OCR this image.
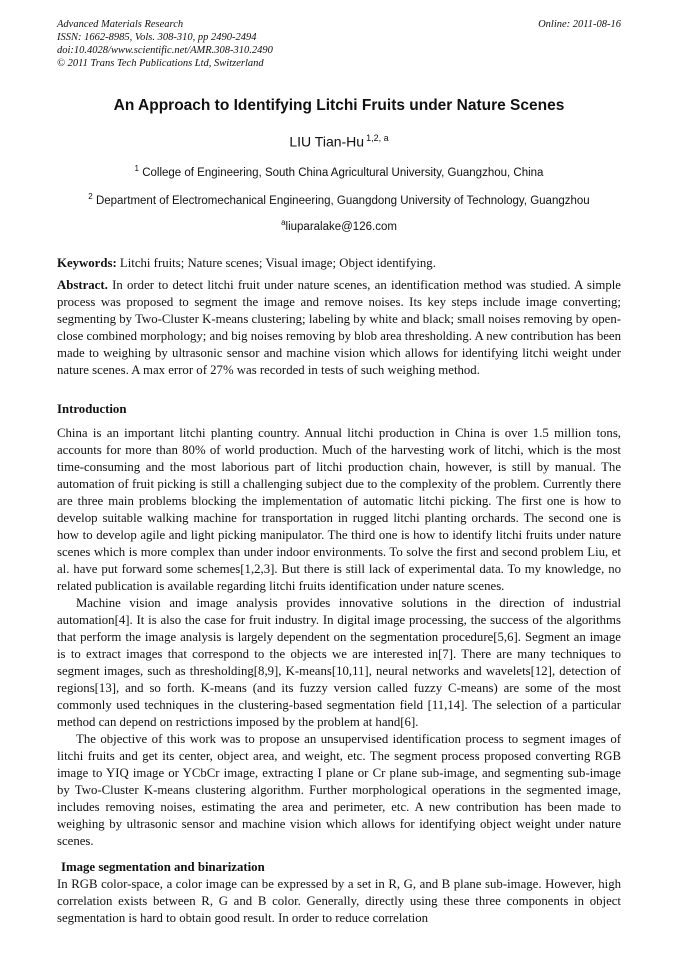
Advanced Materials Research
ISSN: 1662-8985, Vols. 308-310, pp 2490-2494
doi:10.4028/www.scientific.net/AMR.308-310.2490
© 2011 Trans Tech Publications Ltd, Switzerland
Online: 2011-08-16
An Approach to Identifying Litchi Fruits under Nature Scenes
LIU Tian-Hu $^{1,2, a}$
$^1$ College of Engineering, South China Agricultural University, Guangzhou, China
$^2$ Department of Electromechanical Engineering, Guangdong University of Technology, Guangzhou
$^a$liuparalake@126.com
Keywords: Litchi fruits; Nature scenes; Visual image; Object identifying.

Abstract. In order to detect litchi fruit under nature scenes, an identification method was studied. A simple process was proposed to segment the image and remove noises. Its key steps include image converting; segmenting by Two-Cluster K-means clustering; labeling by white and black; small noises removing by open-close combined morphology; and big noises removing by blob area thresholding. A new contribution has been made to weighing by ultrasonic sensor and machine vision which allows for identifying litchi weight under nature scenes. A max error of 27% was recorded in tests of such weighing method.

Introduction

China is an important litchi planting country. Annual litchi production in China is over 1.5 million tons, accounts for more than 80% of world production. Much of the harvesting work of litchi, which is the most time-consuming and the most laborious part of litchi production chain, however, is still by manual. The automation of fruit picking is still a challenging subject due to the complexity of the problem. Currently there are three main problems blocking the implementation of automatic litchi picking. The first one is how to develop suitable walking machine for transportation in rugged litchi planting orchards. The second one is how to develop agile and light picking manipulator. The third one is how to identify litchi fruits under nature scenes which is more complex than under indoor environments. To solve the first and second problem Liu, et al. have put forward some schemes[1,2,3]. But there is still lack of experimental data. To my knowledge, no related publication is available regarding litchi fruits identification under nature scenes.

Machine vision and image analysis provides innovative solutions in the direction of industrial automation[4]. It is also the case for fruit industry. In digital image processing, the success of the algorithms that perform the image analysis is largely dependent on the segmentation procedure[5,6]. Segment an image is to extract images that correspond to the objects we are interested in[7]. There are many techniques to segment images, such as thresholding[8,9], K-means[10,11], neural networks and wavelets[12], detection of regions[13], and so forth. K-means (and its fuzzy version called fuzzy C-means) are some of the most commonly used techniques in the clustering-based segmentation field [11,14]. The selection of a particular method can depend on restrictions imposed by the problem at hand[6].

The objective of this work was to propose an unsupervised identification process to segment images of litchi fruits and get its center, object area, and weight, etc. The segment process proposed converting RGB image to YIQ image or YCbCr image, extracting I plane or Cr plane sub-image, and segmenting sub-image by Two-Cluster K-means clustering algorithm. Further morphological operations in the segmented image, includes removing noises, estimating the area and perimeter, etc. A new contribution has been made to weighing by ultrasonic sensor and machine vision which allows for identifying object weight under nature scenes.

Image segmentation and binarization

In RGB color-space, a color image can be expressed by a set in R, G, and B plane sub-image. However, high correlation exists between R, G and B color. Generally, directly using these three components in object segmentation is hard to obtain good result. In order to reduce correlation
